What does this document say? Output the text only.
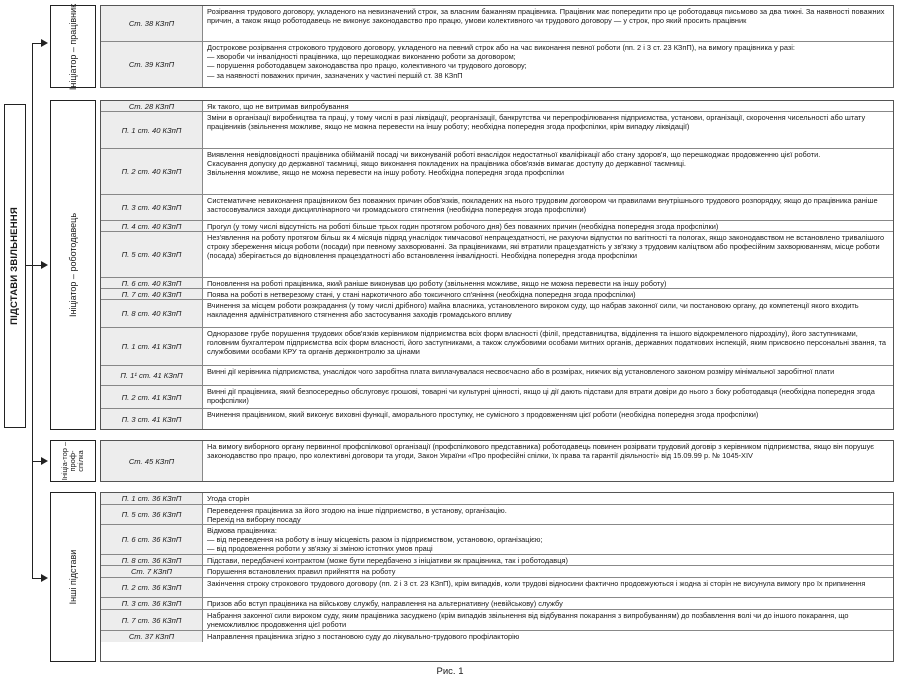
ПІДСТАВИ ЗВІЛЬНЕННЯ
Ініціатор – працівник	Ст. 38 КЗпП
Розірвання трудового договору, укладеного на невизначений строк, за власним бажанням працівника. Працівник має попередити про це роботодавця письмово за два тижні. За наявності поважних причин, а також якщо роботодавець не виконує законодавство про працю, умови колективного чи трудового договору — у строк, про який просить працівник
Ст. 39 КЗпП
Дострокове розірвання строкового трудового договору, укладеного на певний строк або на час виконання певної роботи (пп. 2 і 3 ст. 23 КЗпП), на вимогу працівника у разі:
— хвороби чи інвалідності працівника, що перешкоджає виконанню роботи за договором;
— порушення роботодавцем законодавства про працю, колективного чи трудового договору;
— за наявності поважних причин, зазначених у частині першій ст. 38 КЗпП
Ініціатор – роботодавець
Ст. 28 КЗпП	Як такого, що не витримав випробування
П. 1 ст. 40 КЗпП
Зміни в організації виробництва та праці, у тому числі в разі ліквідації, реорганізації, банкрутства чи перепрофілювання підприємства, установи, організації, скорочення чисельності або штату працівників (звільнення можливе, якщо не можна перевести на іншу роботу; необхідна попередня згода профспілки, крім випадку ліквідації)
П. 2 ст. 40 КЗпП
Виявлення невідповідності працівника обійманій посаді чи виконуваній роботі внаслідок недостатньої кваліфікації або стану здоров'я, що перешкоджає продовженню цієї роботи.
Скасування допуску до державної таємниці, якщо виконання покладених на працівника обов'язків вимагає доступу до державної таємниці.
Звільнення можливе, якщо не можна перевести на іншу роботу. Необхідна попередня згода профспілки
П. 3 ст. 40 КЗпП
Систематичне невиконання працівником без поважних причин обов'язків, покладених на нього трудовим договором чи правилами внутрішнього трудового розпорядку, якщо до працівника раніше застосовувалися заходи дисциплінарного чи громадського стягнення (необхідна попередня згода профспілки)
П. 4 ст. 40 КЗпП	Прогул (у тому числі відсутність на роботі більше трьох годин протягом робочого дня) без поважних причин (необхідна попередня згода профспілки)
П. 5 ст. 40 КЗпП
Нез'явлення на роботу протягом більш як 4 місяців підряд унаслідок тимчасової непрацездатності, не рахуючи відпустки по вагітності та пологах, якщо законодавством не встановлено тривалішого строку збереження місця роботи (посади) при певному захворюванні. За працівниками, які втратили працездатність у зв'язку з трудовим каліцтвом або професійним захворюванням, місце роботи (посада) зберігається до відновлення працездатності або встановлення інвалідності. Необхідна попередня згода профспілки
П. 6 ст. 40 КЗпП	Поновлення на роботі працівника, який раніше виконував цю роботу (звільнення можливе, якщо не можна перевести на іншу роботу)
П. 7 ст. 40 КЗпП	Поява на роботі в нетверезому стані, у стані наркотичного або токсичного сп'яніння (необхідна попередня згода профспілки)
П. 8 ст. 40 КЗпП
Вчинення за місцем роботи розкрадання (у тому числі дрібного) майна власника, установленого вироком суду, що набрав законної сили, чи постановою органу, до компетенції якого входить накладення адміністративного стягнення або застосування заходів громадського впливу
П. 1 ст. 41 КЗпП
Одноразове грубе порушення трудових обов'язків керівником підприємства всіх форм власності (філії, представництва, відділення та іншого відокремленого підрозділу), його заступниками, головним бухгалтером підприємства всіх форм власності, його заступниками, а також службовими особами митних органів, державних податкових інспекцій, яким присвоєно персональні звання, та службовими особами КРУ та органів держконтролю за цінами
П. 1¹ ст. 41 КЗпП	Винні дії керівника підприємства, унаслідок чого заробітна плата виплачувалася несвоєчасно або в розмірах, нижчих від установленого законом розміру мінімальної заробітної плати
П. 2 ст. 41 КЗпП
Винні дії працівника, який безпосередньо обслуговує грошові, товарні чи культурні цінності, якщо ці дії дають підстави для втрати довіри до нього з боку роботодавця (необхідна попередня згода профспілки)
П. 3 ст. 41 КЗпП	Вчинення працівником, який виконує виховні функції, аморального проступку, не сумісного з продовженням цієї роботи (необхідна попередня згода профспілки)
Ініціа-тор – проф-спілка	Ст. 45 КЗпП
На вимогу виборного органу первинної профспілкової організації (профспілкового представника) роботодавець повинен розірвати трудовий договір з керівником підприємства, якщо він порушує законодавство про працю, про колективні договори та угоди, Закон України «Про професійні спілки, їх права та гарантії діяльності» від 15.09.99 р. № 1045-XIV
Інші підстави
П. 1 ст. 36 КЗпП	Угода сторін
П. 5 ст. 36 КЗпП	Переведення працівника за його згодою на інше підприємство, в установу, організацію.
Перехід на виборну посаду
П. 6 ст. 36 КЗпП
Відмова працівника:
— від переведення на роботу в іншу місцевість разом із підприємством, установою, організацією;
— від продовження роботи у зв'язку зі зміною істотних умов праці
П. 8 ст. 36 КЗпП	Підстави, передбачені контрактом (може бути передбачено з ініціативи як працівника, так і роботодавця)
Ст. 7 КЗпП	Порушення встановлених правил прийняття на роботу
П. 2 ст. 36 КЗпП	Закінчення строку строкового трудового договору (пп. 2 і 3 ст. 23 КЗпП), крім випадків, коли трудові відносини фактично продовжуються і жодна зі сторін не висунула вимогу про їх припинення
П. 3 ст. 36 КЗпП	Призов або вступ працівника на військову службу, направлення на альтернативну (невійськову) службу
П. 7 ст. 36 КЗпП	Набрання законної сили вироком суду, яким працівника засуджено (крім випадків звільнення від відбування покарання з випробуванням) до позбавлення волі чи до іншого покарання, що унеможливлює продовження цієї роботи
Ст. 37 КЗпП	Направлення працівника згідно з постановою суду до лікувально-трудового профілакторію
Рис. 1
